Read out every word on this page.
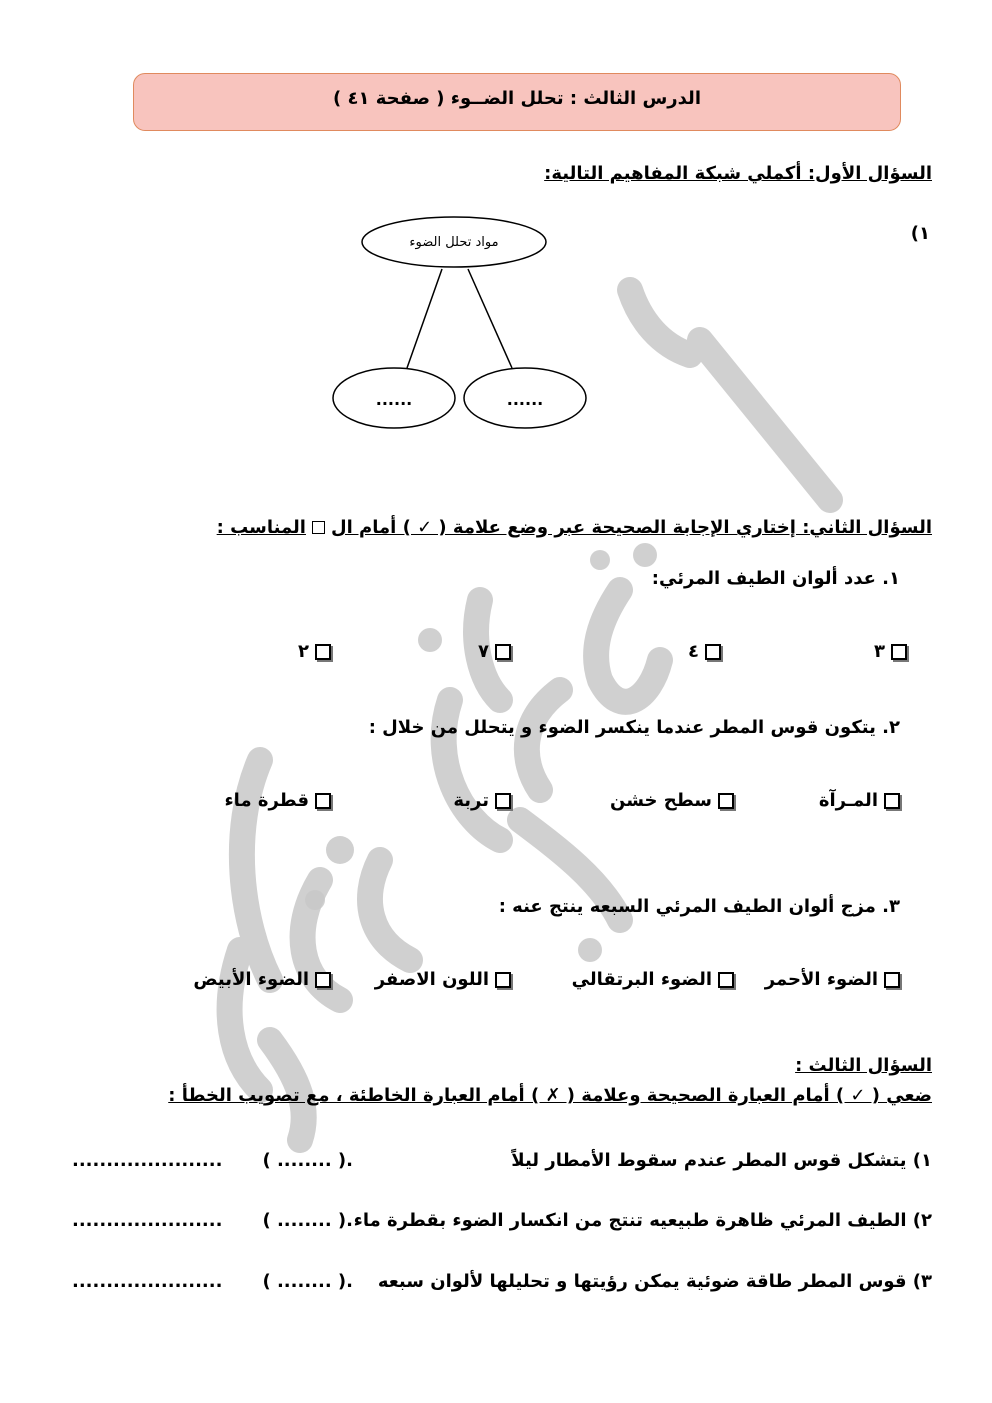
الدرس الثالث : تحلل الضــوء ( صفحة ٤١ )
السؤال الأول: أكملي شبكة المفاهيم التالية:
١)
مواد تحلل الضوء
......	......
السؤال الثاني: إختاري الإجابة الصحيحة عبر وضع علامة ( ✓ ) أمام ال
المناسب :
١. عدد ألوان الطيف المرئي:
٣
٤
٧
٢
٢. يتكون قوس المطر عندما ينكسر الضوء و يتحلل من خلال :
المـرآة
سطح خشن
تربة
قطرة ماء
٣. مزج ألوان الطيف المرئي السبعه ينتج عنه :
الضوء الأحمر
الضوء البرتقالي
اللون الاصفر
الضوء الأبيض
السؤال الثالث :
ضعي ( ✓ ) أمام العبارة الصحيحة وعلامة ( ✗ ) أمام العبارة الخاطئة ، مع تصويب الخطأ :
١) يتشكل قوس المطر عندم سقوط الأمطار ليلاً
( ........ ).
......................
٢) الطيف المرئي ظاهرة طبيعيه تنتج من انكسار الضوء بقطرة ماء
( ........ ).
......................
٣) قوس المطر طاقة ضوئية يمكن رؤيتها و تحليلها لألوان سبعه
( ........ ).
......................
